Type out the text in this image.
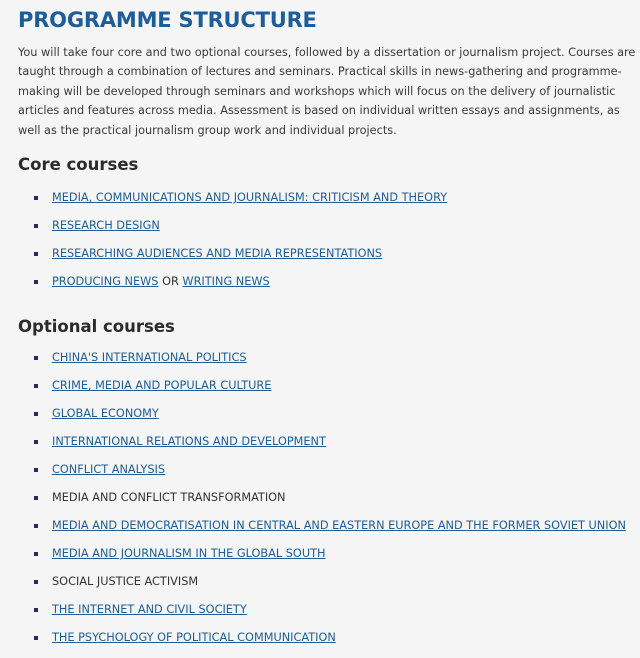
PROGRAMME STRUCTURE

You will take four core and two optional courses, followed by a dissertation or journalism project. Courses are taught through a combination of lectures and seminars. Practical skills in news-gathering and programme-making will be developed through seminars and workshops which will focus on the delivery of journalistic articles and features across media. Assessment is based on individual written essays and assignments, as well as the practical journalism group work and individual projects.

Core courses
MEDIA, COMMUNICATIONS AND JOURNALISM: CRITICISM AND THEORY
RESEARCH DESIGN
RESEARCHING AUDIENCES AND MEDIA REPRESENTATIONS
PRODUCING NEWS OR WRITING NEWS
Optional courses
CHINA'S INTERNATIONAL POLITICS
CRIME, MEDIA AND POPULAR CULTURE
GLOBAL ECONOMY
INTERNATIONAL RELATIONS AND DEVELOPMENT
CONFLICT ANALYSIS
MEDIA AND CONFLICT TRANSFORMATION
MEDIA AND DEMOCRATISATION IN CENTRAL AND EASTERN EUROPE AND THE FORMER SOVIET UNION
MEDIA AND JOURNALISM IN THE GLOBAL SOUTH
SOCIAL JUSTICE ACTIVISM
THE INTERNET AND CIVIL SOCIETY
THE PSYCHOLOGY OF POLITICAL COMMUNICATION
